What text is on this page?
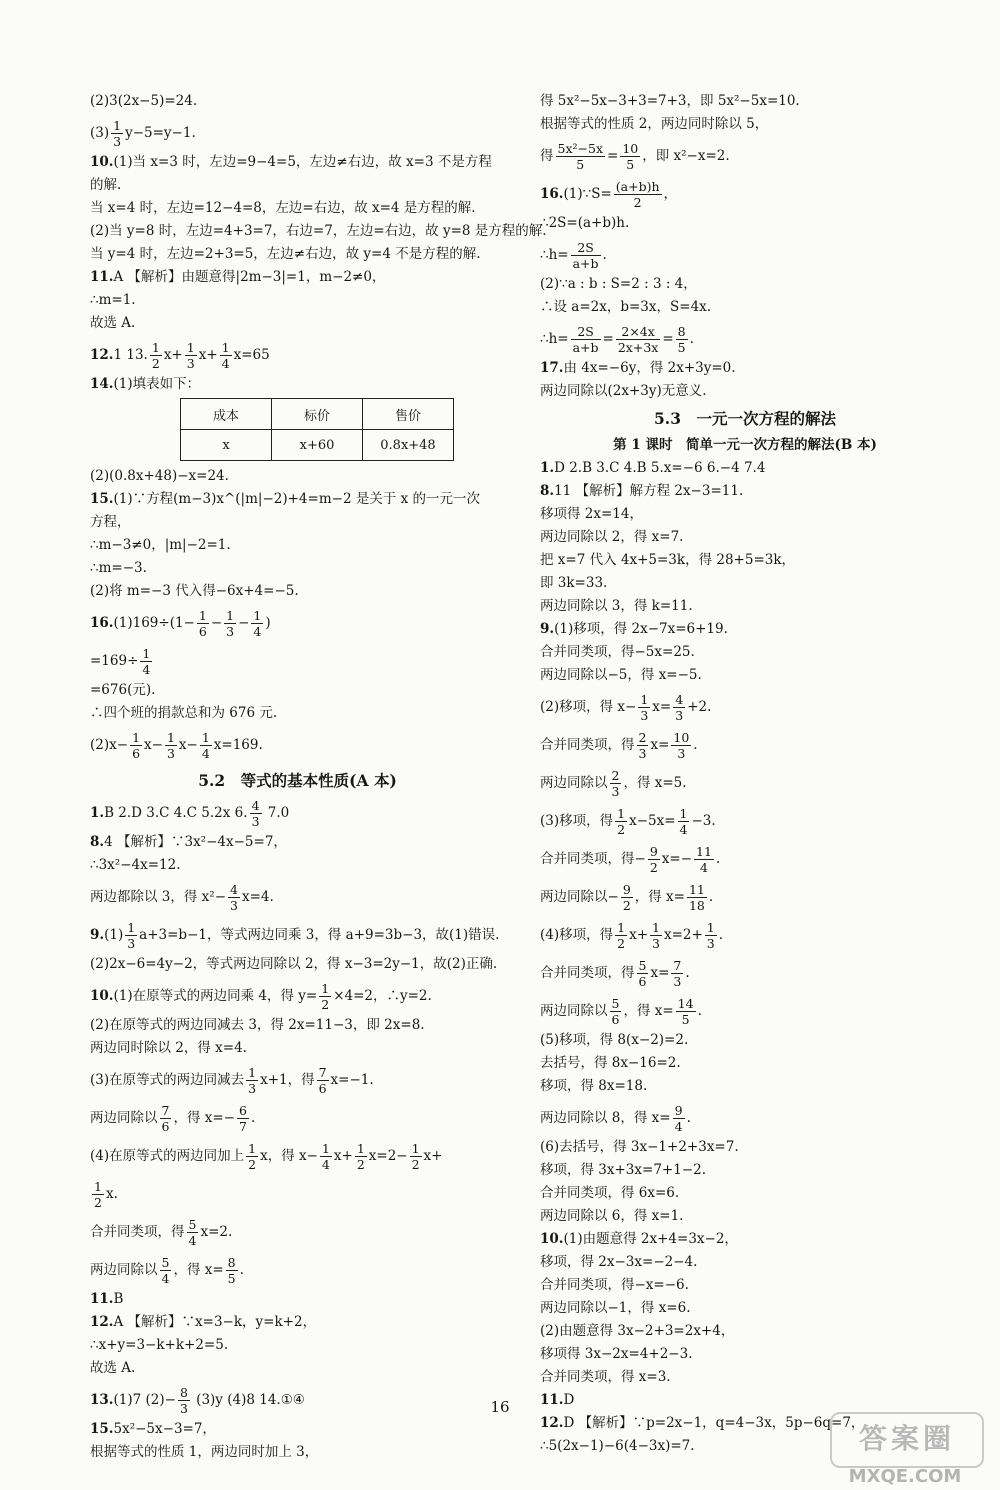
(2)3(2x−5)=24.
$(3) \frac{1}{3} y-5=y-1$.
10.(1)当 x=3 时，左边=9−4=5，左边≠右边，故 x=3 不是方程
的解.
当 x=4 时，左边=12−4=8，左边=右边，故 x=4 是方程的解.
(2)当 y=8 时，左边=4+3=7，右边=7，左边=右边，故 y=8 是方程的解.
当 y=4 时，左边=2+3=5，左边≠右边，故 y=4 不是方程的解.
11.A 【解析】由题意得|2m−3|=1，m−2≠0，
∴m=1.
故选 A.
12.1 13. $\frac{1}{2} x+ \frac{1}{3} x+ \frac{1}{4} x=65$
14.(1)填表如下：
成本	标价	售价
x	x+60	0.8x+48
(2)(0.8x+48)−x=24.
15.(1)∵方程(m−3)x^(|m|−2)+4=m−2 是关于 x 的一元一次
方程，
∴m−3≠0，|m|−2=1.
∴m=−3.
(2)将 m=−3 代入得−6x+4=−5.
$16.(1)169\div(1- \frac{1}{6} - \frac{1}{3} - \frac{1}{4}$ )
$=169\div \frac{1}{4}$
=676(元).
∴四个班的捐款总和为 676 元.
$(2)x- \frac{1}{6} x- \frac{1}{3} x- \frac{1}{4} x=169$.
5.2　等式的基本性质(A 本)
1.B 2.D 3.C 4.C 5.2x 6. $\frac{4}{3} 7.0$
8.4 【解析】∵3x²−4x−5=7，
∴3x²−4x=12.
两边都除以 3，得 $x^2- \frac{4}{3} x=4$.
$9.(1) \frac{1}{3} a+3=b-1$，等式两边同乘 3，得 a+9=3b−3，故(1)错误.
(2)2x−6=4y−2，等式两边同除以 2，得 x−3=2y−1，故(2)正确.
10.(1)在原等式的两边同乘 4，得 $y= \frac{1}{2} \times 4=2$，∴y=2.
(2)在原等式的两边同减去 3，得 2x=11−3，即 2x=8.
两边同时除以 2，得 x=4.
(3)在原等式的两边同减去 $\frac{1}{3} x+1$，得 $\frac{7}{6} x=-1$.
两边同除以 $\frac{7}{6}$ ，得 $x=- \frac{6}{7}$ .
(4)在原等式的两边同加上 $\frac{1}{2}$ x，得 $x- \frac{1}{4} x+ \frac{1}{2} x=2- \frac{1}{2} x+$
$\frac{1}{2} x$.
合并同类项，得 $\frac{5}{4} x=2$.
两边同除以 $\frac{5}{4}$ ，得 $x= \frac{8}{5}$ .
11.B
12.A 【解析】∵x=3−k，y=k+2，
∴x+y=3−k+k+2=5.
故选 A.
13.(1)7 $(2)- \frac{8}{3} (3)y$ (4)8 14.①④
15.5x²−5x−3=7，
根据等式的性质 1，两边同时加上 3，
得 5x²−5x−3+3=7+3，即 5x²−5x=10.
根据等式的性质 2，两边同时除以 5，
得 $\frac{\text{5x²−5x}}{5} = \frac{10}{5}$ ，即 x²−x=2.
16.(1)∵S= $\frac{(a+b)h}{2}$ ，
∴2S=(a+b)h.
∴h= $\frac{2S}{a+b}$ .
(2)∵a : b : S=2 : 3 : 4，
∴设 a=2x，b=3x，S=4x.
∴h= $\frac{2S}{a+b} = \frac{2\times 4x}{2x+3x} = \frac{8}{5}$ .
17.由 4x=−6y，得 2x+3y=0.
两边同除以(2x+3y)无意义.
5.3　一元一次方程的解法
第 1 课时　简单一元一次方程的解法(B 本)
1.D 2.B 3.C 4.B 5.x=−6 6.−4 7.4
8.11 【解析】解方程 2x−3=11.
移项得 2x=14，
两边同除以 2，得 x=7.
把 x=7 代入 4x+5=3k，得 28+5=3k，
即 3k=33.
两边同除以 3，得 k=11.
9.(1)移项，得 2x−7x=6+19.
合并同类项，得−5x=25.
两边同除以−5，得 x=−5.
(2)移项，得 $x- \frac{1}{3} x= \frac{4}{3} +2$.
合并同类项，得 $\frac{2}{3} x= \frac{10}{3}$ .
两边同除以 $\frac{2}{3}$ ，得 x=5.
(3)移项，得 $\frac{1}{2} x-5x= \frac{1}{4} -3$.
合并同类项，得− $\frac{9}{2} x=- \frac{11}{4}$ .
两边同除以− $\frac{9}{2}$ ，得 $x= \frac{11}{18}$ .
(4)移项，得 $\frac{1}{2} x+ \frac{1}{3} x=2+ \frac{1}{3}$ .
合并同类项，得 $\frac{5}{6} x= \frac{7}{3}$ .
两边同除以 $\frac{5}{6}$ ，得 $x= \frac{14}{5}$ .
(5)移项，得 8(x−2)=2.
去括号，得 8x−16=2.
移项，得 8x=18.
两边同除以 8，得 $x= \frac{9}{4}$ .
(6)去括号，得 3x−1+2+3x=7.
移项，得 3x+3x=7+1−2.
合并同类项，得 6x=6.
两边同除以 6，得 x=1.
10.(1)由题意得 2x+4=3x−2，
移项，得 2x−3x=−2−4.
合并同类项，得−x=−6.
两边同除以−1，得 x=6.
(2)由题意得 3x−2+3=2x+4，
移项得 3x−2x=4+2−3.
合并同类项，得 x=3.
11.D
12.D 【解析】∵p=2x−1，q=4−3x，5p−6q=7，
∴5(2x−1)−6(4−3x)=7.
16
答案圈
MXQE.COM
